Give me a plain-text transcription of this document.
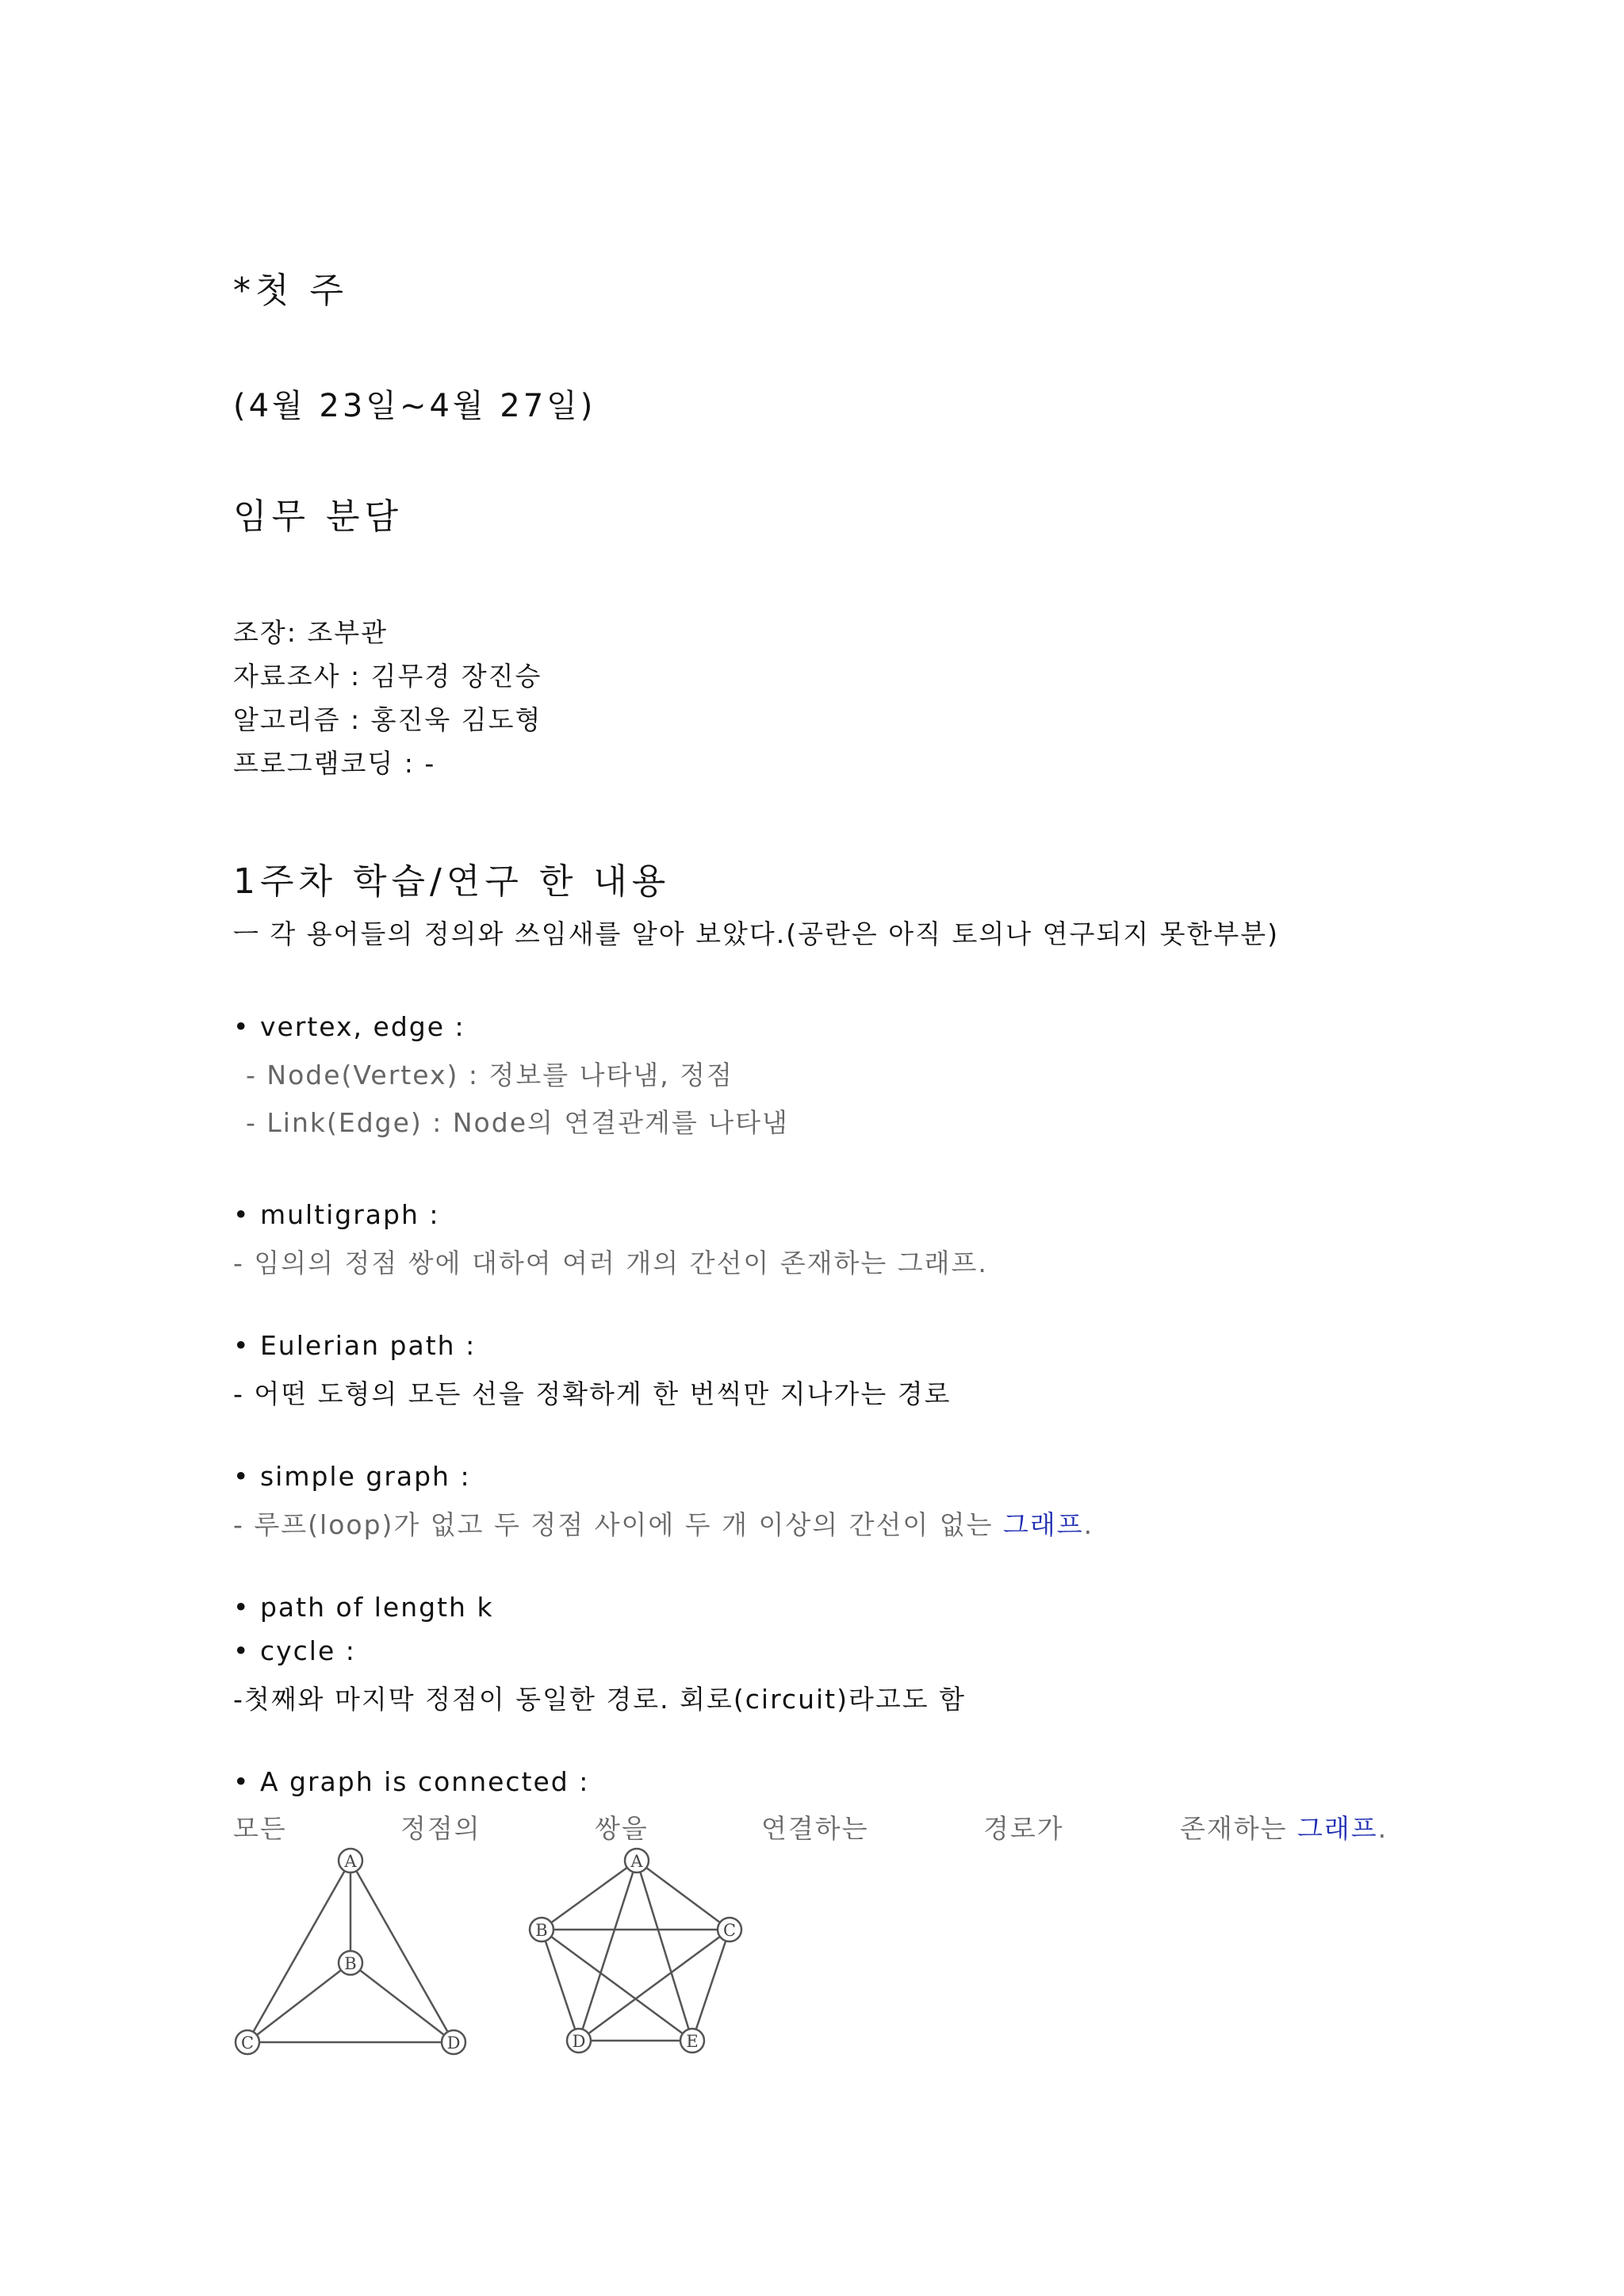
*첫 주
(4월 23일~4월 27일)
임무 분담
조장: 조부관
자료조사 : 김무경 장진승
알고리즘 : 홍진욱 김도형
프로그램코딩 : -
1주차 학습/연구 한 내용
ㅡ 각 용어들의 정의와 쓰임새를 알아 보았다.(공란은 아직 토의나 연구되지 못한부분)
• vertex, edge :
- Node(Vertex) : 정보를 나타냄, 정점
- Link(Edge) : Node의 연결관계를 나타냄
• multigraph :
- 임의의 정점 쌍에 대하여 여러 개의 간선이 존재하는 그래프.
• Eulerian path :
- 어떤 도형의 모든 선을 정확하게 한 번씩만 지나가는 경로
• simple graph :
- 루프(loop)가 없고 두 정점 사이에 두 개 이상의 간선이 없는 그래프.
• path of length k
• cycle :
-첫째와 마지막 정점이 동일한 경로. 회로(circuit)라고도 함
• A graph is connected :
모든	정점의	쌍을	연결하는	경로가	존재하는 그래프.
A
B
C	D
A
B	C
D	E
